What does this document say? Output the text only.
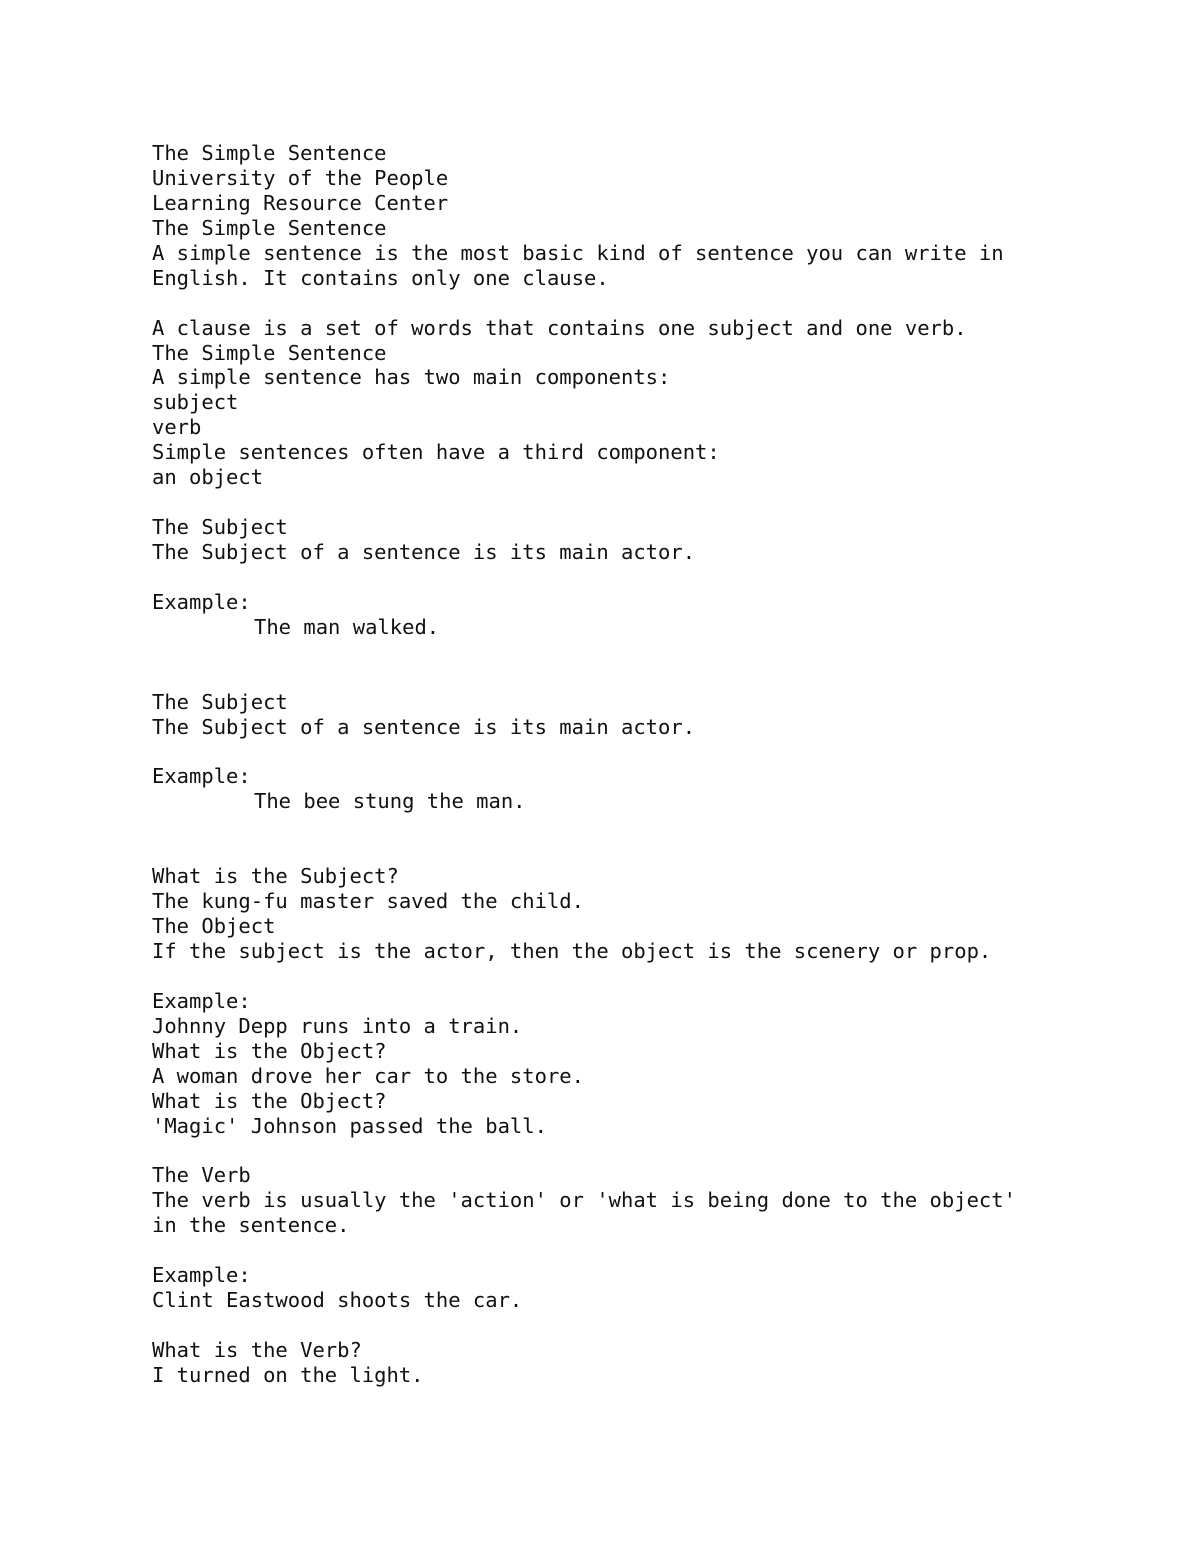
The Simple Sentence
University of the People
Learning Resource Center
The Simple Sentence
A simple sentence is the most basic kind of sentence you can write in
English. It contains only one clause.
A clause is a set of words that contains one subject and one verb.
The Simple Sentence
A simple sentence has two main components:
subject
verb
Simple sentences often have a third component:
an object
The Subject
The Subject of a sentence is its main actor.
Example:
The man walked.
The Subject
The Subject of a sentence is its main actor.
Example:
The bee stung the man.
What is the Subject?
The kung-fu master saved the child.
The Object
If the subject is the actor, then the object is the scenery or prop.
Example:
Johnny Depp runs into a train.
What is the Object?
A woman drove her car to the store.
What is the Object?
'Magic' Johnson passed the ball.
The Verb
The verb is usually the 'action' or 'what is being done to the object'
in the sentence.
Example:
Clint Eastwood shoots the car.
What is the Verb?
I turned on the light.
